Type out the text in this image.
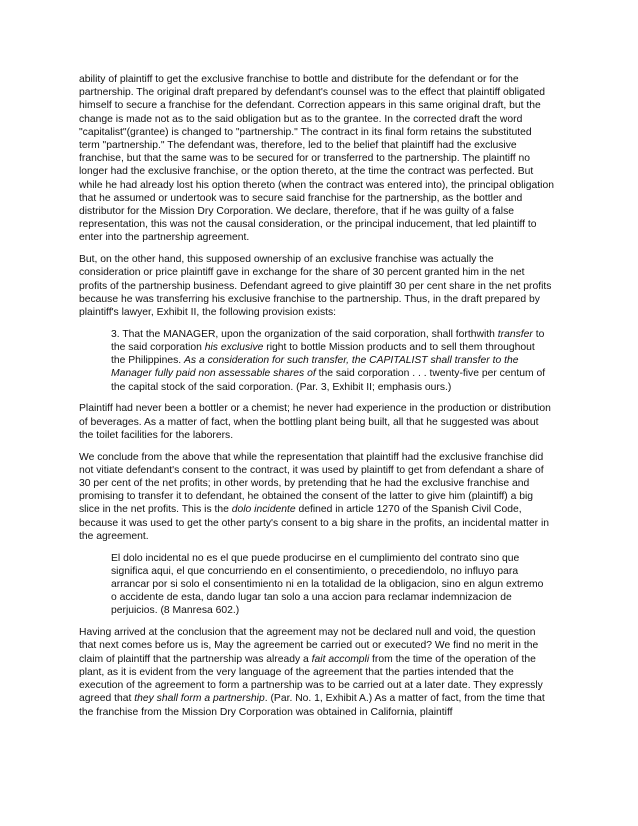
ability of plaintiff to get the exclusive franchise to bottle and distribute for the defendant or for the partnership. The original draft prepared by defendant's counsel was to the effect that plaintiff obligated himself to secure a franchise for the defendant. Correction appears in this same original draft, but the change is made not as to the said obligation but as to the grantee. In the corrected draft the word "capitalist"(grantee) is changed to "partnership." The contract in its final form retains the substituted term "partnership." The defendant was, therefore, led to the belief that plaintiff had the exclusive franchise, but that the same was to be secured for or transferred to the partnership. The plaintiff no longer had the exclusive franchise, or the option thereto, at the time the contract was perfected. But while he had already lost his option thereto (when the contract was entered into), the principal obligation that he assumed or undertook was to secure said franchise for the partnership, as the bottler and distributor for the Mission Dry Corporation. We declare, therefore, that if he was guilty of a false representation, this was not the causal consideration, or the principal inducement, that led plaintiff to enter into the partnership agreement.

But, on the other hand, this supposed ownership of an exclusive franchise was actually the consideration or price plaintiff gave in exchange for the share of 30 percent granted him in the net profits of the partnership business. Defendant agreed to give plaintiff 30 per cent share in the net profits because he was transferring his exclusive franchise to the partnership. Thus, in the draft prepared by plaintiff's lawyer, Exhibit II, the following provision exists:

3. That the MANAGER, upon the organization of the said corporation, shall forthwith transfer to the said corporation his exclusive right to bottle Mission products and to sell them throughout the Philippines. As a consideration for such transfer, the CAPITALIST shall transfer to the Manager fully paid non assessable shares of the said corporation . . . twenty-five per centum of the capital stock of the said corporation. (Par. 3, Exhibit II; emphasis ours.)

Plaintiff had never been a bottler or a chemist; he never had experience in the production or distribution of beverages. As a matter of fact, when the bottling plant being built, all that he suggested was about the toilet facilities for the laborers.

We conclude from the above that while the representation that plaintiff had the exclusive franchise did not vitiate defendant's consent to the contract, it was used by plaintiff to get from defendant a share of 30 per cent of the net profits; in other words, by pretending that he had the exclusive franchise and promising to transfer it to defendant, he obtained the consent of the latter to give him (plaintiff) a big slice in the net profits. This is the dolo incidente defined in article 1270 of the Spanish Civil Code, because it was used to get the other party's consent to a big share in the profits, an incidental matter in the agreement.

El dolo incidental no es el que puede producirse en el cumplimiento del contrato sino que significa aqui, el que concurriendo en el consentimiento, o precediendolo, no influyo para arrancar por si solo el consentimiento ni en la totalidad de la obligacion, sino en algun extremo o accidente de esta, dando lugar tan solo a una accion para reclamar indemnizacion de perjuicios. (8 Manresa 602.)

Having arrived at the conclusion that the agreement may not be declared null and void, the question that next comes before us is, May the agreement be carried out or executed? We find no merit in the claim of plaintiff that the partnership was already a fait accompli from the time of the operation of the plant, as it is evident from the very language of the agreement that the parties intended that the execution of the agreement to form a partnership was to be carried out at a later date. They expressly agreed that they shall form a partnership. (Par. No. 1, Exhibit A.) As a matter of fact, from the time that the franchise from the Mission Dry Corporation was obtained in California, plaintiff
